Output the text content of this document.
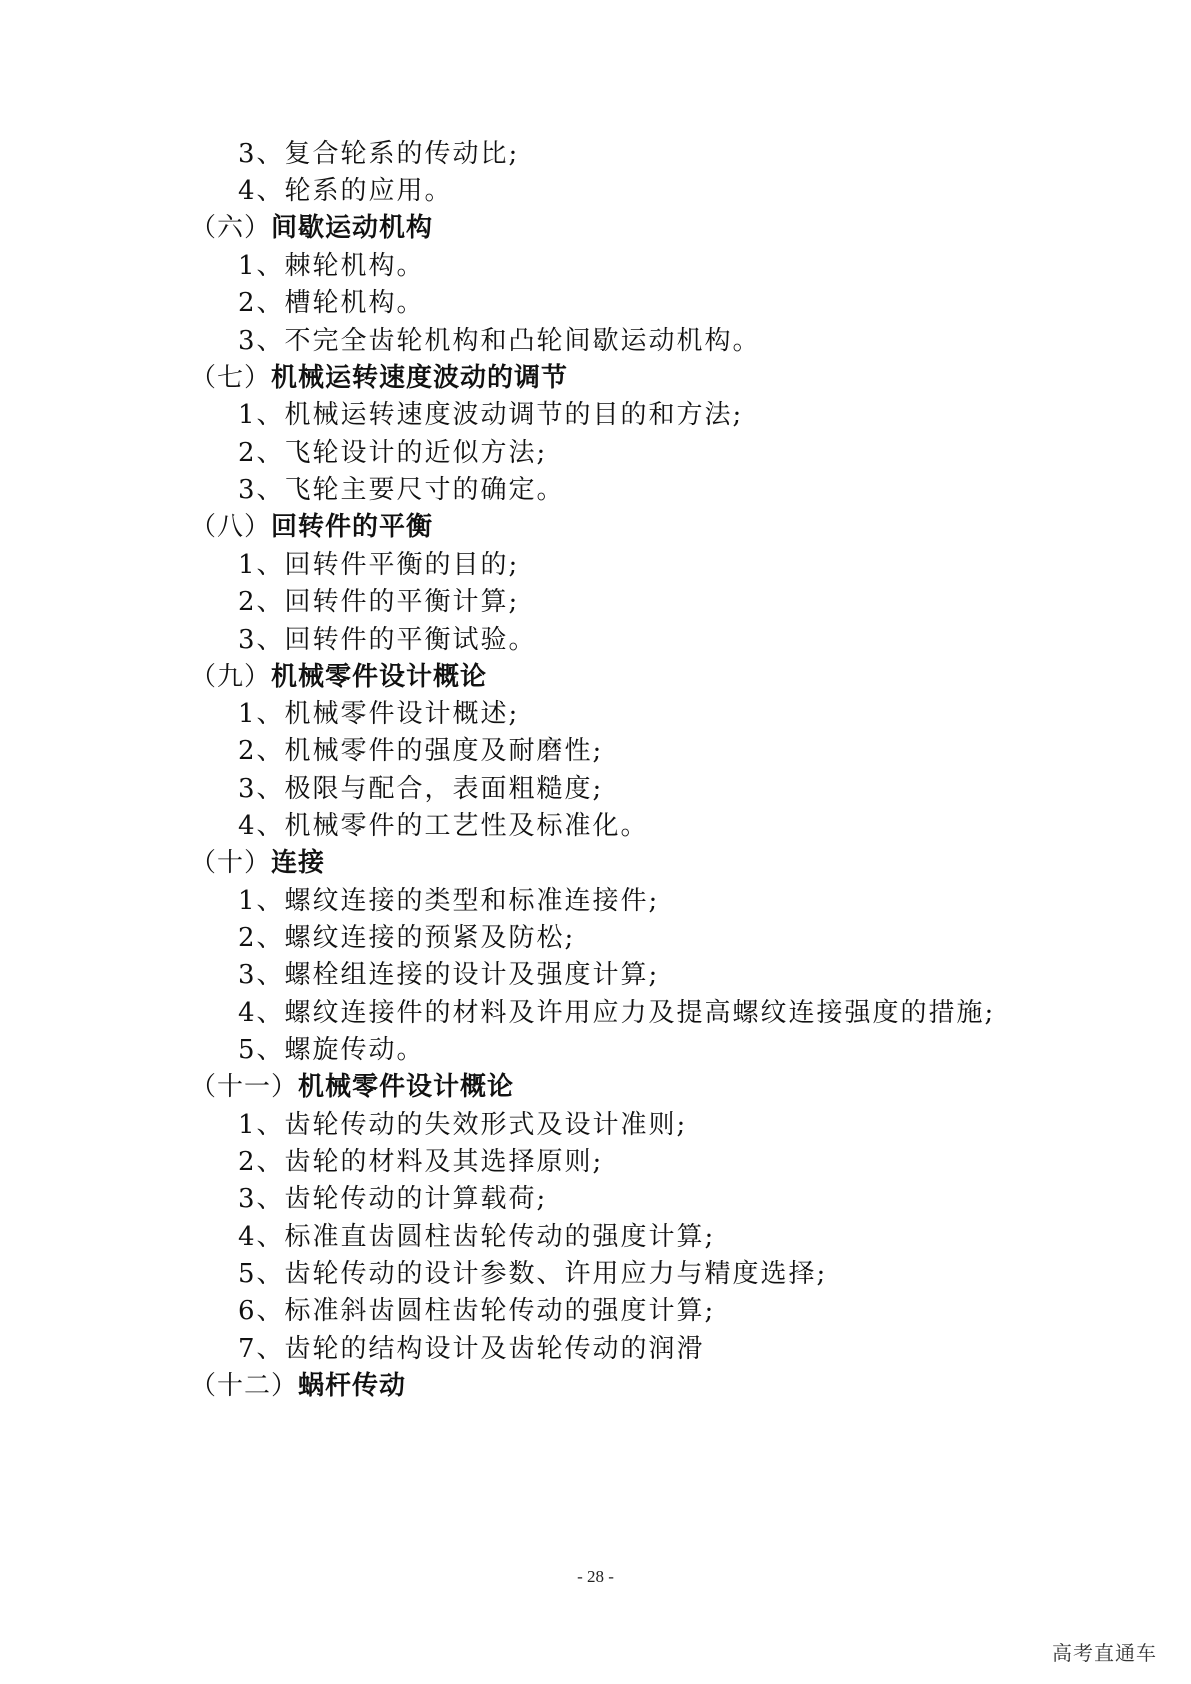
3、复合轮系的传动比;
4、轮系的应用。
（六）间歇运动机构
1、棘轮机构。
2、槽轮机构。
3、不完全齿轮机构和凸轮间歇运动机构。
（七）机械运转速度波动的调节
1、机械运转速度波动调节的目的和方法;
2、飞轮设计的近似方法;
3、飞轮主要尺寸的确定。
（八）回转件的平衡
1、回转件平衡的目的;
2、回转件的平衡计算;
3、回转件的平衡试验。
（九）机械零件设计概论
1、机械零件设计概述;
2、机械零件的强度及耐磨性;
3、极限与配合，表面粗糙度;
4、机械零件的工艺性及标准化。
（十）连接
1、螺纹连接的类型和标准连接件;
2、螺纹连接的预紧及防松;
3、螺栓组连接的设计及强度计算;
4、螺纹连接件的材料及许用应力及提高螺纹连接强度的措施;
5、螺旋传动。
（十一）机械零件设计概论
1、齿轮传动的失效形式及设计准则;
2、齿轮的材料及其选择原则;
3、齿轮传动的计算载荷;
4、标准直齿圆柱齿轮传动的强度计算;
5、齿轮传动的设计参数、许用应力与精度选择;
6、标准斜齿圆柱齿轮传动的强度计算;
7、齿轮的结构设计及齿轮传动的润滑
（十二）蜗杆传动
- 28 -
高考直通车
